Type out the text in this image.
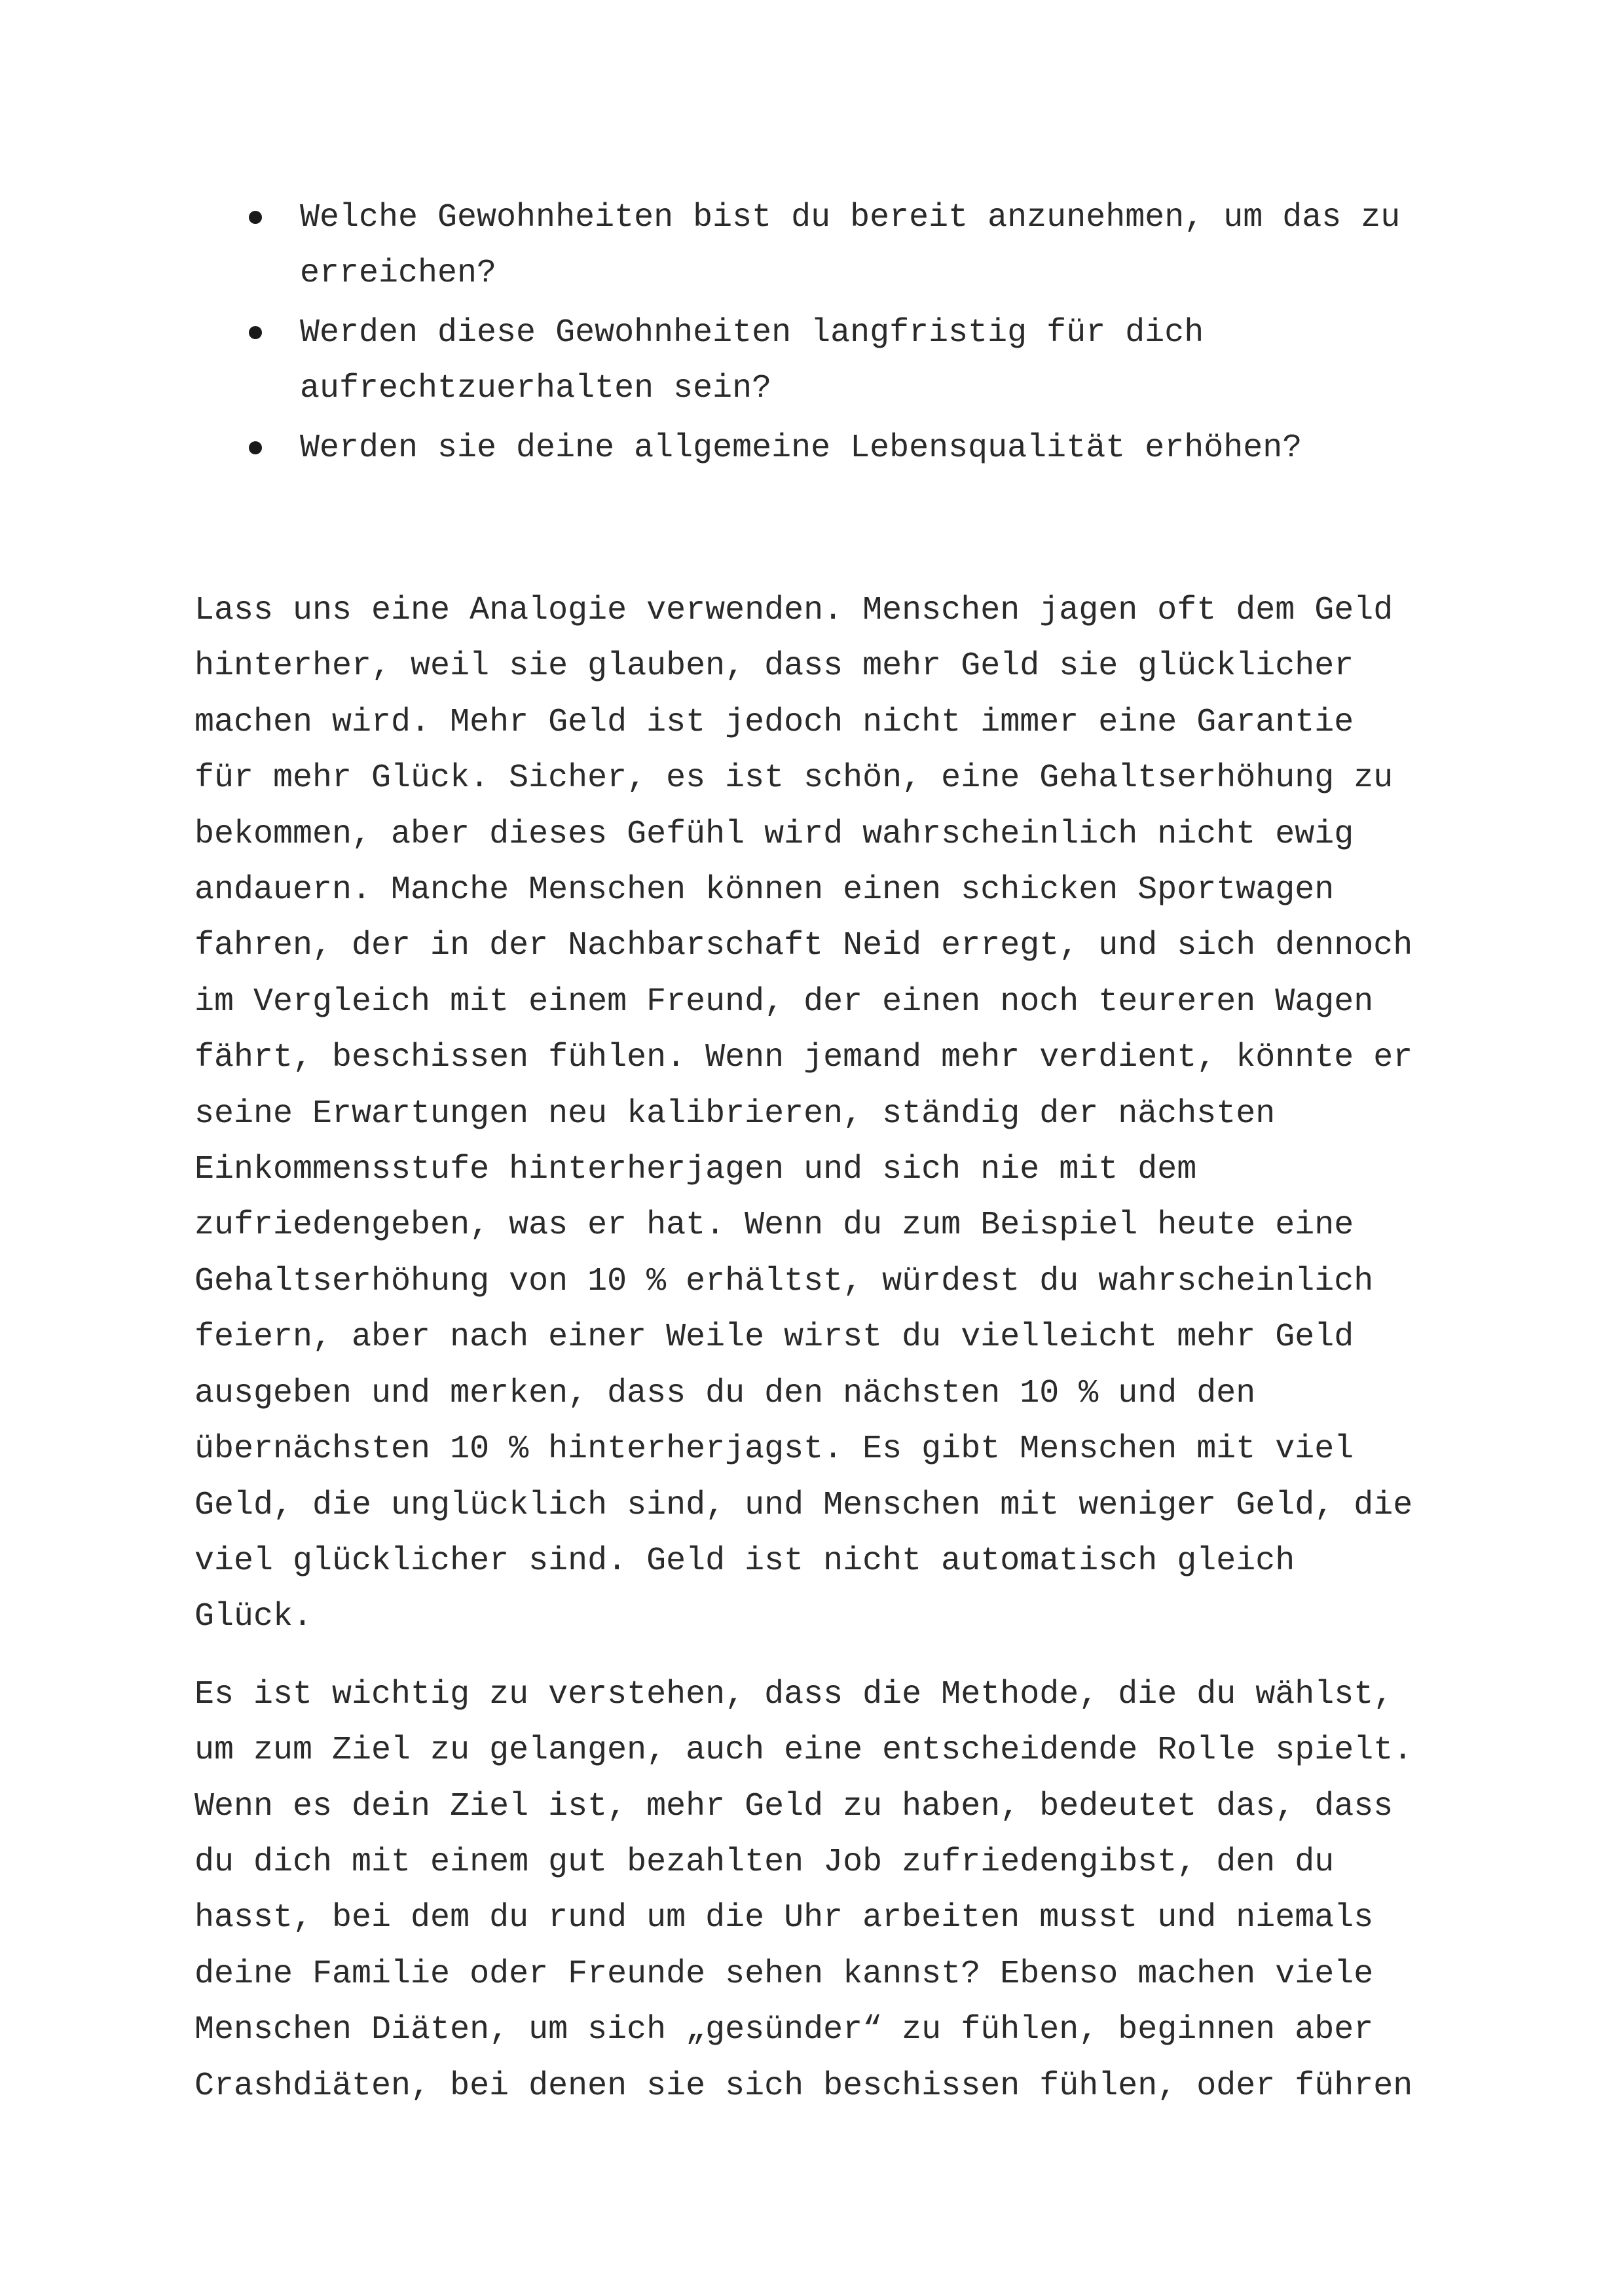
Welche Gewohnheiten bist du bereit anzunehmen, um das zu
erreichen?
Werden diese Gewohnheiten langfristig für dich
aufrechtzuerhalten sein?
Werden sie deine allgemeine Lebensqualität erhöhen?

Lass uns eine Analogie verwenden. Menschen jagen oft dem Geld
hinterher, weil sie glauben, dass mehr Geld sie glücklicher
machen wird. Mehr Geld ist jedoch nicht immer eine Garantie
für mehr Glück. Sicher, es ist schön, eine Gehaltserhöhung zu
bekommen, aber dieses Gefühl wird wahrscheinlich nicht ewig
andauern. Manche Menschen können einen schicken Sportwagen
fahren, der in der Nachbarschaft Neid erregt, und sich dennoch
im Vergleich mit einem Freund, der einen noch teureren Wagen
fährt, beschissen fühlen. Wenn jemand mehr verdient, könnte er
seine Erwartungen neu kalibrieren, ständig der nächsten
Einkommensstufe hinterherjagen und sich nie mit dem
zufriedengeben, was er hat. Wenn du zum Beispiel heute eine
Gehaltserhöhung von 10 % erhältst, würdest du wahrscheinlich
feiern, aber nach einer Weile wirst du vielleicht mehr Geld
ausgeben und merken, dass du den nächsten 10 % und den
übernächsten 10 % hinterherjagst. Es gibt Menschen mit viel
Geld, die unglücklich sind, und Menschen mit weniger Geld, die
viel glücklicher sind. Geld ist nicht automatisch gleich
Glück.

Es ist wichtig zu verstehen, dass die Methode, die du wählst,
um zum Ziel zu gelangen, auch eine entscheidende Rolle spielt.
Wenn es dein Ziel ist, mehr Geld zu haben, bedeutet das, dass
du dich mit einem gut bezahlten Job zufriedengibst, den du
hasst, bei dem du rund um die Uhr arbeiten musst und niemals
deine Familie oder Freunde sehen kannst? Ebenso machen viele
Menschen Diäten, um sich „gesünder“ zu fühlen, beginnen aber
Crashdiäten, bei denen sie sich beschissen fühlen, oder führen
